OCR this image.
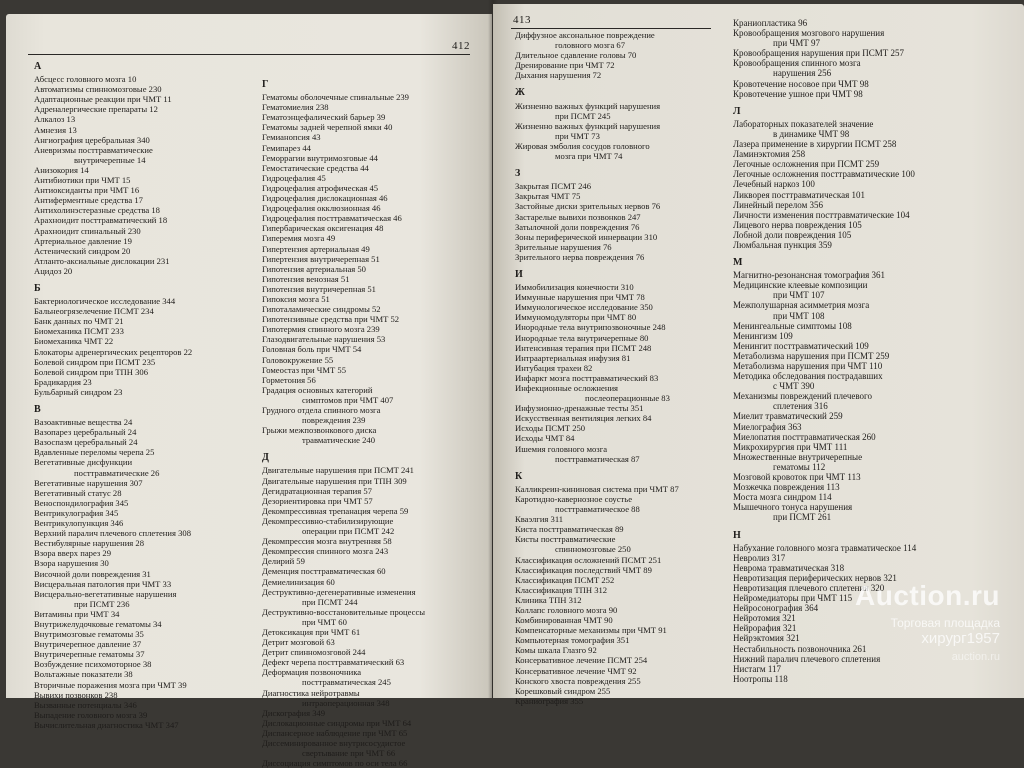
412
А
Абсцесс головного мозга 10
Автоматизмы спинномозговые 230
Адаптационные реакции при ЧМТ 11
Адреналергические препараты 12
Алкалоз 13
Амнезия 13
Ангиография церебральная 340
Аневризмы посттравматические
внутричерепные 14
Анизокория 14
Антибиотики при ЧМТ 15
Антиоксиданты при ЧМТ 16
Антиферментные средства 17
Антихолинэстеразные средства 18
Арахноидит посттравматический 18
Арахноидит спинальный 230
Артериальное давление 19
Астенический синдром 20
Атланто-аксиальные дислокации 231
Ацидоз 20
Б
Бактериологическое исследование 344
Бальнеогрязелечение ПСМТ 234
Банк данных по ЧМТ 21
Биомеханика ПСМТ 233
Биомеханика ЧМТ 22
Блокаторы адренергических рецепторов 22
Болевой синдром при ПСМТ 235
Болевой синдром при ТПН 306
Брадикардия 23
Бульбарный синдром 23
В
Вазоактивные вещества 24
Вазопарез церебральный 24
Вазоспазм церебральный 24
Вдавленные переломы черепа 25
Вегетативные дисфункции
посттравматические 26
Вегетативные нарушения 307
Вегетативный статус 28
Веноспондилография 345
Вентрикулография 345
Вентрикулопункция 346
Верхний паралич плечевого сплетения 308
Вестибулярные нарушения 28
Взора вверх парез 29
Взора нарушения 30
Височной доли повреждения 31
Висцеральная патология при ЧМТ 33
Висцерально-вегетативные нарушения
при ПСМТ 236
Витамины при ЧМТ 34
Внутрижелудочковые гематомы 34
Внутримозговые гематомы 35
Внутричерепное давление 37
Внутричерепные гематомы 37
Возбуждение психомоторное 38
Вольтажные показатели 38
Вторичные поражения мозга при ЧМТ 39
Вывихи позвонков 238
Вызванные потенциалы 346
Выпадение головного мозга 39
Вычислительная диагностика ЧМТ 347
Г
Гематомы оболочечные спинальные 239
Гематомиелия 238
Гематоэнцефалический барьер 39
Гематомы задней черепной ямки 40
Гемианопсия 43
Гемипарез 44
Геморрагии внутримозговые 44
Гемостатические средства 44
Гидроцефалия 45
Гидроцефалия атрофическая 45
Гидроцефалия дислокационная 46
Гидроцефалия окклюзионная 46
Гидроцефалия посттравматическая 46
Гипербарическая оксигенация 48
Гиперемия мозга 49
Гипертензия артериальная 49
Гипертензия внутричерепная 51
Гипотензия артериальная 50
Гипотензия венозная 51
Гипотензия внутричерепная 51
Гипоксия мозга 51
Гипоталамические синдромы 52
Гипотензивные средства при ЧМТ 52
Гипотермия спинного мозга 239
Глазодвигательные нарушения 53
Головная боль при ЧМТ 54
Головокружение 55
Гомеостаз при ЧМТ 55
Горметония 56
Градация основных категорий
симптомов при ЧМТ 407
Грудного отдела спинного мозга
повреждения 239
Грыжи межпозвонкового диска
травматические 240
Д
Двигательные нарушения при ПСМТ 241
Двигательные нарушения при ТПН 309
Дегидратационная терапия 57
Дезориентировка при ЧМТ 57
Декомпрессивная трепанация черепа 59
Декомпрессивно-стабилизирующие
операции при ПСМТ 242
Декомпрессия мозга внутренняя 58
Декомпрессия спинного мозга 243
Делирий 59
Деменция посттравматическая 60
Демиелинизация 60
Деструктивно-дегенеративные изменения
при ПСМТ 244
Деструктивно-восстановительные процессы
при ЧМТ 60
Детоксикация при ЧМТ 61
Детрит мозговой 63
Детрит спинномозговой 244
Дефект черепа посттравматический 63
Деформация позвоночника
посттравматическая 245
Диагностика нейротравмы
интраоперационная 348
Дискография 349
Дислокационные синдромы при ЧМТ 64
Диспансерное наблюдение при ЧМТ 65
Диссеминированное внутрисосудистое
свертывание при ЧМТ 66
Диссоциация симптомов по оси тела 66
413
Диффузное аксональное повреждение
головного мозга 67
Длительное сдавление головы 70
Дренирование при ЧМТ 72
Дыхания нарушения 72
Ж
Жизненно важных функций нарушения
при ПСМТ 245
Жизненно важных функций нарушения
при ЧМТ 73
Жировая эмболия сосудов головного
мозга при ЧМТ 74
З
Закрытая ПСМТ 246
Закрытая ЧМТ 75
Застойные диски зрительных нервов 76
Застарелые вывихи позвонков 247
Затылочной доли повреждения 76
Зоны периферической иннервации 310
Зрительные нарушения 76
Зрительного нерва повреждения 76
И
Иммобилизация конечности 310
Иммунные нарушения при ЧМТ 78
Иммунологическое исследование 350
Иммуномодуляторы при ЧМТ 80
Инородные тела внутрипозвоночные 248
Инородные тела внутричерепные 80
Интенсивная терапия при ПСМТ 248
Интраартериальная инфузия 81
Интубация трахеи 82
Инфаркт мозга посттравматический 83
Инфекционные осложнения
послеоперационные 83
Инфузионно-дренажные тесты 351
Искусственная вентиляция легких 84
Исходы ПСМТ 250
Исходы ЧМТ 84
Ишемия головного мозга
посттравматическая 87
К
Калликреин-кининовая система при ЧМТ 87
Каротидно-кавернозное соустье
посттравматическое 88
Кваэлгия 311
Киста посттравматическая 89
Кисты посттравматические
спинномозговые 250
Классификация осложнений ПСМТ 251
Классификация последствий ЧМТ 89
Классификация ПСМТ 252
Классификация ТПН 312
Клиника ТПН 312
Коллапс головного мозга 90
Комбинированная ЧМТ 90
Компенсаторные механизмы при ЧМТ 91
Компьютерная томография 351
Комы шкала Глазго 92
Консервативное лечение ПСМТ 254
Консервативное лечение ЧМТ 92
Конского хвоста повреждения 255
Корешковый синдром 255
Краниография 355
Краниопластика 96
Кровообращения мозгового нарушения
при ЧМТ 97
Кровообращения нарушения при ПСМТ 257
Кровообращения спинного мозга
нарушения 256
Кровотечение носовое при ЧМТ 98
Кровотечение ушное при ЧМТ 98
Л
Лабораторных показателей значение
в динамике ЧМТ 98
Лазера применение в хирургии ПСМТ 258
Ламинэктомия 258
Легочные осложнения при ПСМТ 259
Легочные осложнения посттравматические 100
Лечебный наркоз 100
Ликворея посттравматическая 101
Линейный перелом 356
Личности изменения посттравматические 104
Лицевого нерва повреждения 105
Лобной доли повреждения 105
Люмбальная пункция 359
М
Магнитно-резонансная томография 361
Медицинские клеевые композиции
при ЧМТ 107
Межполушарная асимметрия мозга
при ЧМТ 108
Менингеальные симптомы 108
Менингизм 109
Менингит посттравматический 109
Метаболизма нарушения при ПСМТ 259
Метаболизма нарушения при ЧМТ 110
Методика обследования пострадавших
с ЧМТ 390
Механизмы повреждений плечевого
сплетения 316
Миелит травматический 259
Миелография 363
Миелопатия посттравматическая 260
Микрохирургия при ЧМТ 111
Множественные внутричерепные
гематомы 112
Мозговой кровоток при ЧМТ 113
Мозжечка повреждения 113
Моста мозга синдром 114
Мышечного тонуса нарушения
при ПСМТ 261
Н
Набухание головного мозга травматическое 114
Невролиз 317
Неврома травматическая 318
Невротизация периферических нервов 321
Невротизация плечевого сплетения 320
Нейромедиаторы при ЧМТ 115
Нейросонография 364
Нейротомия 321
Нейрорафия 321
Нейрэктомия 321
Нестабильность позвоночника 261
Нижний паралич плечевого сплетения
Нистагм 117
Ноотропы 118
Auction.ru
Торговая площадка
хирург1957
auction.ru
